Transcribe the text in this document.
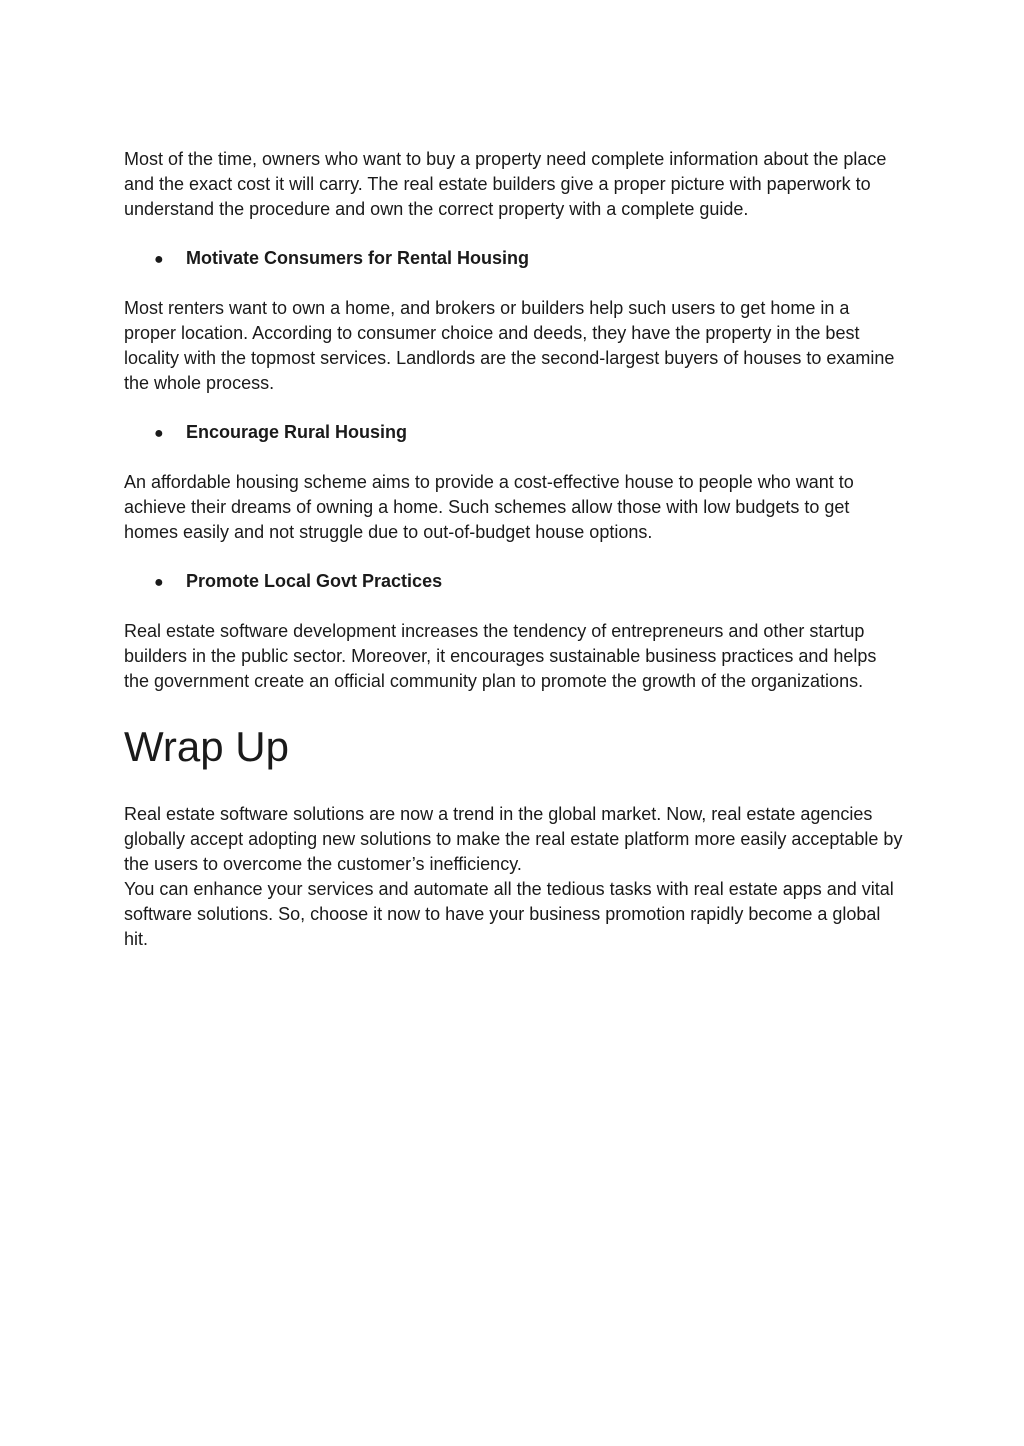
Most of the time, owners who want to buy a property need complete information about the place and the exact cost it will carry. The real estate builders give a proper picture with paperwork to understand the procedure and own the correct property with a complete guide.

●	Motivate Consumers for Rental Housing

Most renters want to own a home, and brokers or builders help such users to get home in a proper location. According to consumer choice and deeds, they have the property in the best locality with the topmost services. Landlords are the second-largest buyers of houses to examine the whole process.

●	Encourage Rural Housing

An affordable housing scheme aims to provide a cost-effective house to people who want to achieve their dreams of owning a home. Such schemes allow those with low budgets to get homes easily and not struggle due to out-of-budget house options.

●	Promote Local Govt Practices

Real estate software development increases the tendency of entrepreneurs and other startup builders in the public sector. Moreover, it encourages sustainable business practices and helps the government create an official community plan to promote the growth of the organizations.

Wrap Up

Real estate software solutions are now a trend in the global market. Now, real estate agencies globally accept adopting new solutions to make the real estate platform more easily acceptable by the users to overcome the customer’s inefficiency.

You can enhance your services and automate all the tedious tasks with real estate apps and vital software solutions. So, choose it now to have your business promotion rapidly become a global hit.
